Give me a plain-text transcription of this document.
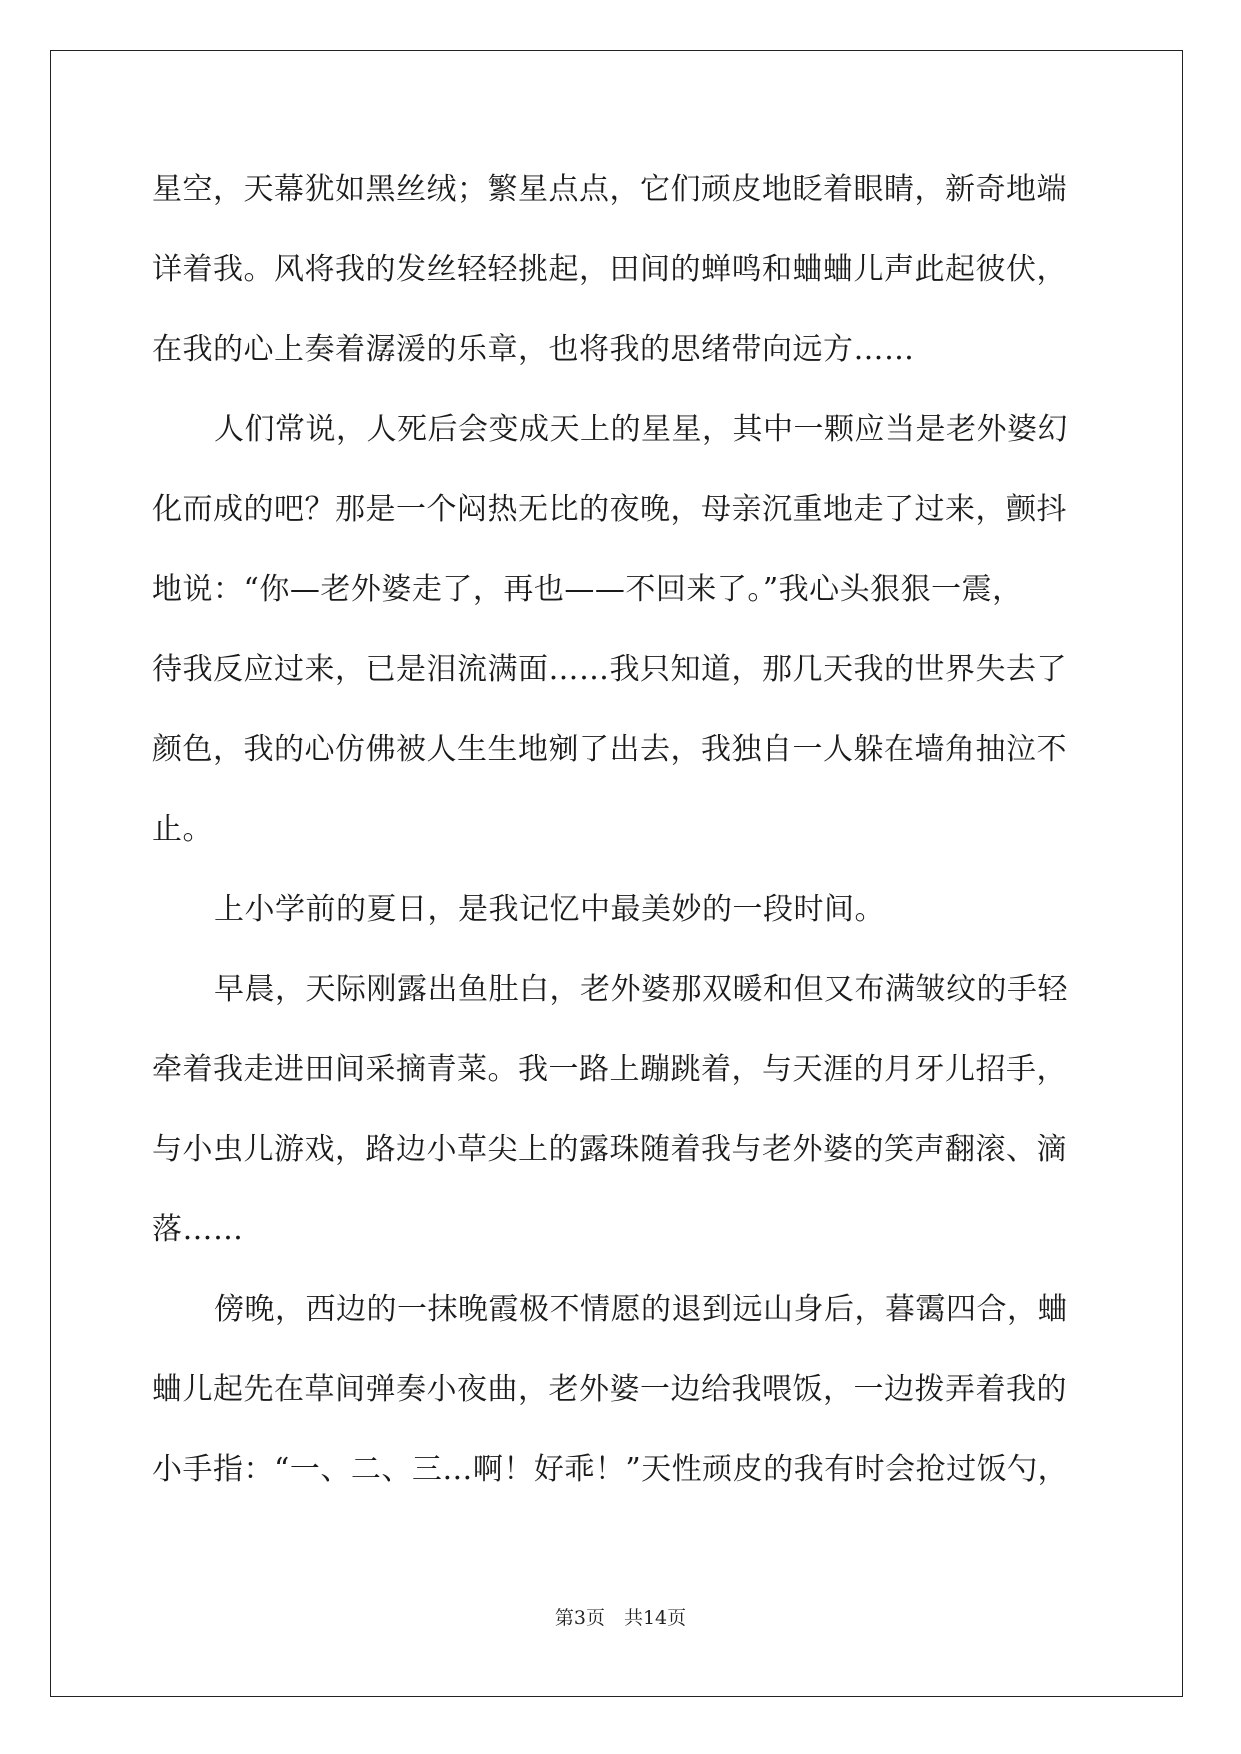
星空，天幕犹如黑丝绒；繁星点点，它们顽皮地眨着眼睛，新奇地端
详着我。风将我的发丝轻轻挑起，田间的蝉鸣和蛐蛐儿声此起彼伏，
在我的心上奏着潺湲的乐章，也将我的思绪带向远方……
人们常说，人死后会变成天上的星星，其中一颗应当是老外婆幻
化而成的吧？那是一个闷热无比的夜晚，母亲沉重地走了过来，颤抖
地说：“你—老外婆走了，再也——不回来了。”我心头狠狠一震，
待我反应过来，已是泪流满面……我只知道，那几天我的世界失去了
颜色，我的心仿佛被人生生地剜了出去，我独自一人躲在墙角抽泣不
止。
上小学前的夏日，是我记忆中最美妙的一段时间。
早晨，天际刚露出鱼肚白，老外婆那双暖和但又布满皱纹的手轻
牵着我走进田间采摘青菜。我一路上蹦跳着，与天涯的月牙儿招手，
与小虫儿游戏，路边小草尖上的露珠随着我与老外婆的笑声翻滚、滴
落……
傍晚，西边的一抹晚霞极不情愿的退到远山身后，暮霭四合，蛐
蛐儿起先在草间弹奏小夜曲，老外婆一边给我喂饭，一边拨弄着我的
小手指：“一、二、三…啊！好乖！”天性顽皮的我有时会抢过饭勺，
第3页　共14页
